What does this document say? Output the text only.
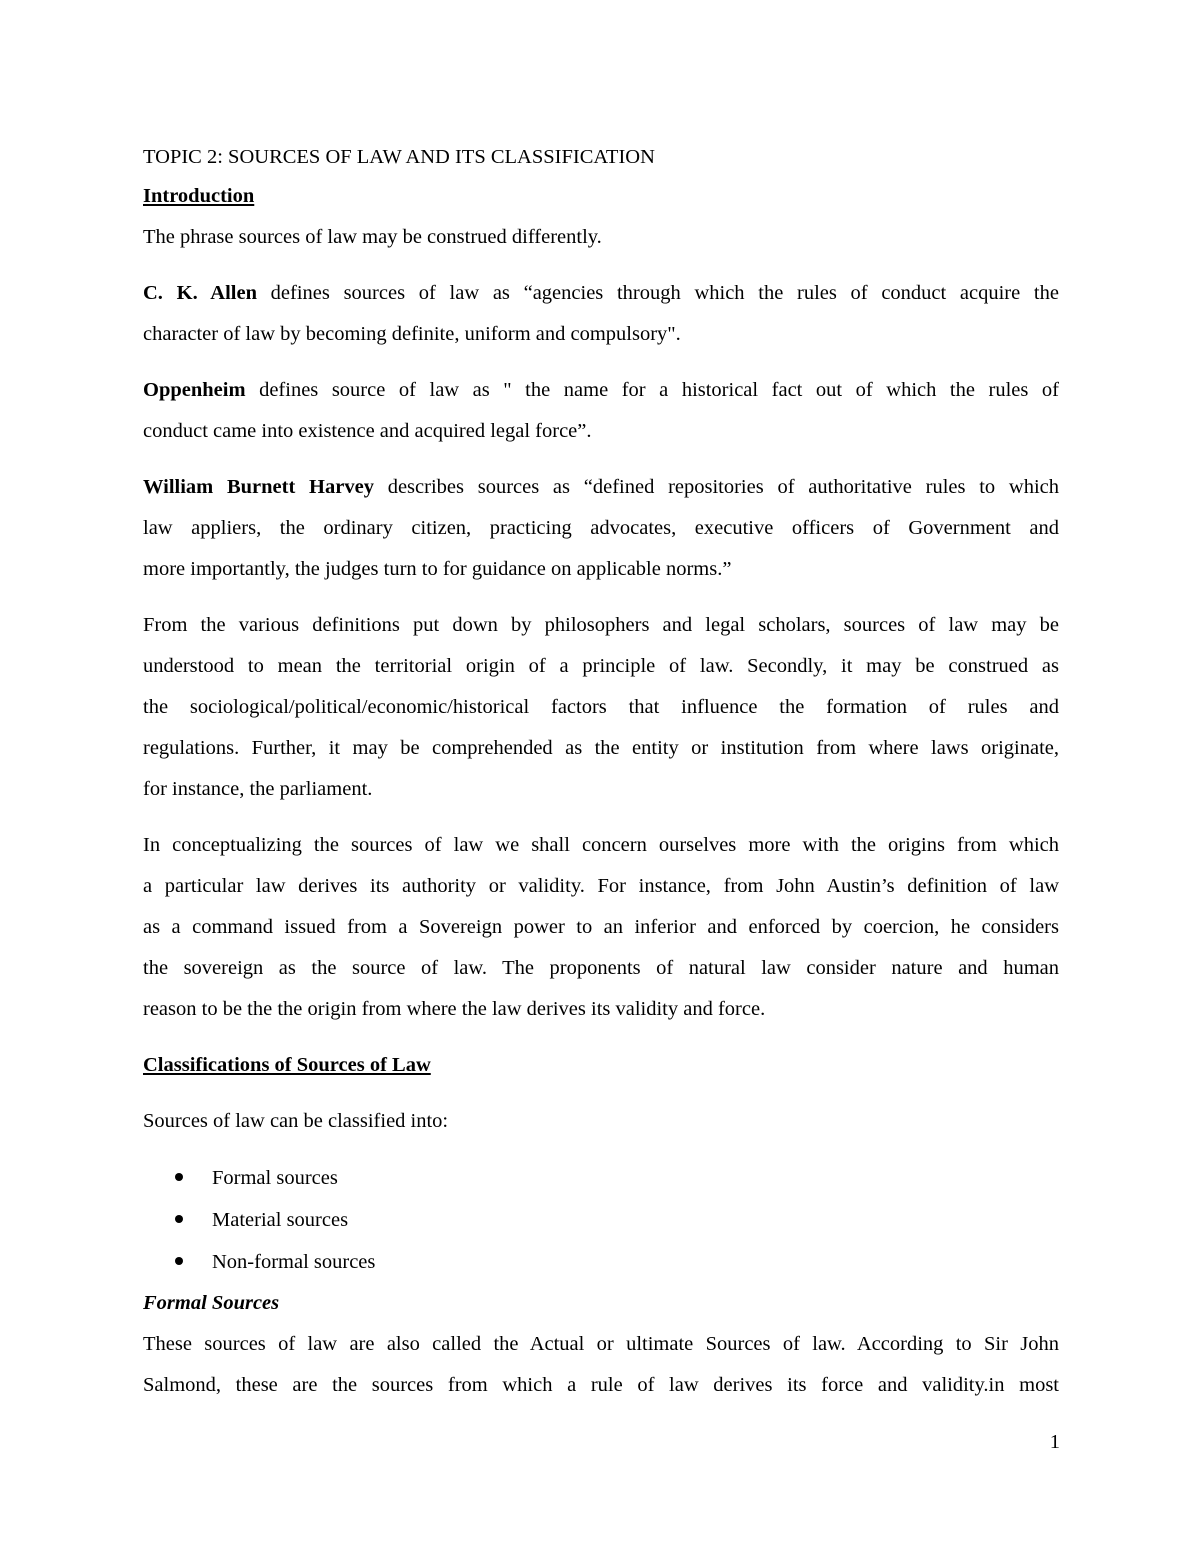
TOPIC 2: SOURCES OF LAW AND ITS CLASSIFICATION

Introduction

The phrase sources of law may be construed differently.

C. K. Allen defines sources of law as “agencies through which the rules of conduct acquire the

character of law by becoming definite, uniform and compulsory".

Oppenheim defines source of law as " the name for a historical fact out of which the rules of

conduct came into existence and acquired legal force”.

William Burnett Harvey describes sources as “defined repositories of authoritative rules to which

law appliers, the ordinary citizen, practicing advocates, executive officers of Government and

more importantly, the judges turn to for guidance on applicable norms.”

From the various definitions put down by philosophers and legal scholars, sources of law may be

understood to mean the territorial origin of a principle of law. Secondly, it may be construed as

the sociological/political/economic/historical factors that influence the formation of rules and

regulations. Further, it may be comprehended as the entity or institution from where laws originate,

for instance, the parliament.

In conceptualizing the sources of law we shall concern ourselves more with the origins from which

a particular law derives its authority or validity. For instance, from John Austin’s definition of law

as a command issued from a Sovereign power to an inferior and enforced by coercion, he considers

the sovereign as the source of law. The proponents of natural law consider nature and human

reason to be the the origin from where the law derives its validity and force.

Classifications of Sources of Law

Sources of law can be classified into:

Formal sources
Material sources
Non-formal sources

Formal Sources

These sources of law are also called the Actual or ultimate Sources of law. According to Sir John

Salmond, these are the sources from which a rule of law derives its force and validity.in most

1
